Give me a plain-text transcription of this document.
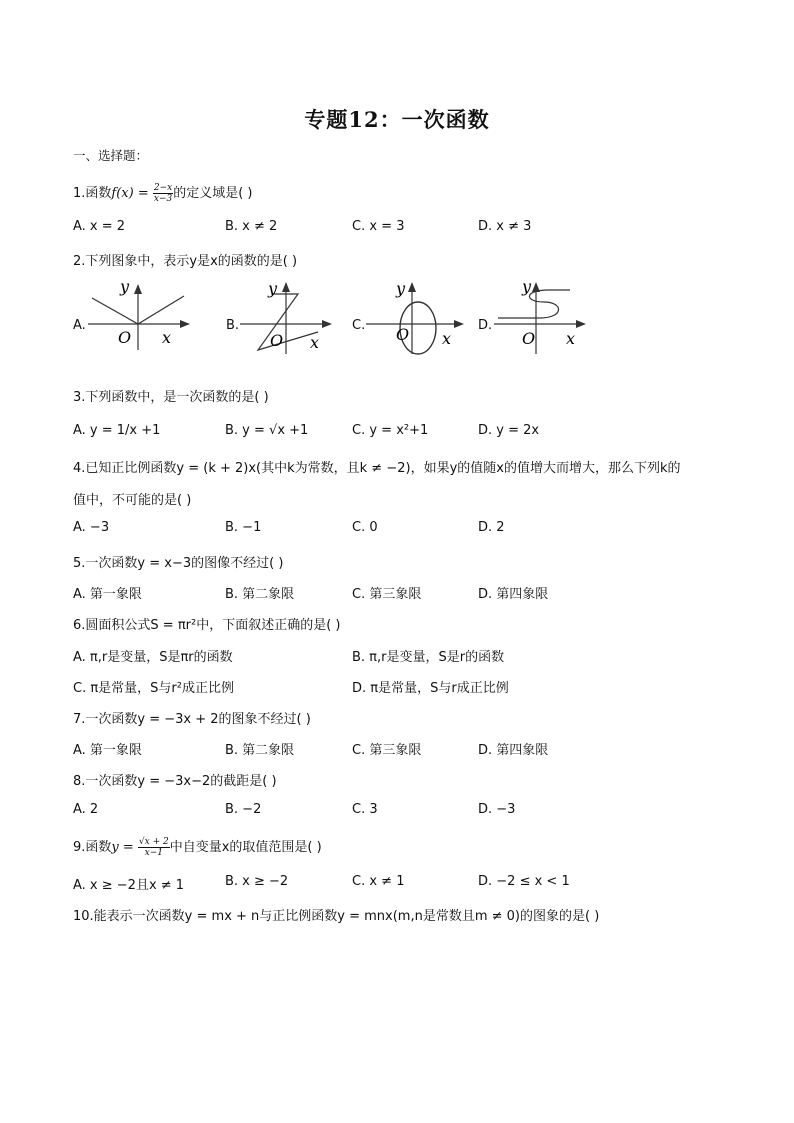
专题12：一次函数
一、选择题：
1.函数$f(x) = \frac{2-x}{x-3}$ 的定义域是( )
A. x = 2	B. x ≠ 2	C. x = 3	D. x ≠ 3
2.下列图象中，表示y是x的函数的是( )
A.
y
O x
B.
y
O x
C.
y
O x
D.
y
O x
3.下列函数中，是一次函数的是( )
A. y = 1/x +1	B. y = √x +1	C. y = x²+1	D. y = 2x
4.已知正比例函数y = (k + 2)x(其中k为常数，且k ≠ −2)，如果y的值随x的值增大而增大，那么下列k的
值中，不可能的是( )
A. −3	B. −1	C. 0	D. 2
5.一次函数y = x−3的图像不经过( )
A. 第一象限	B. 第二象限	C. 第三象限	D. 第四象限
6.圆面积公式S = πr²中，下面叙述正确的是( )
A. π,r是变量，S是πr的函数	B. π,r是变量，S是r的函数
C. π是常量，S与r²成正比例	D. π是常量，S与r成正比例
7.一次函数y = −3x + 2的图象不经过( )
A. 第一象限	B. 第二象限	C. 第三象限	D. 第四象限
8.一次函数y = −3x−2的截距是( )
A. 2	B. −2	C. 3	D. −3
9.函数$y = \frac{√x + 2}{x-1}$ 中自变量x的取值范围是( )
A. x ≥ −2且x ≠ 1	B. x ≥ −2	C. x ≠ 1	D. −2 ≤ x < 1
10.能表示一次函数y = mx + n与正比例函数y = mnx(m,n是常数且m ≠ 0)的图象的是( )
